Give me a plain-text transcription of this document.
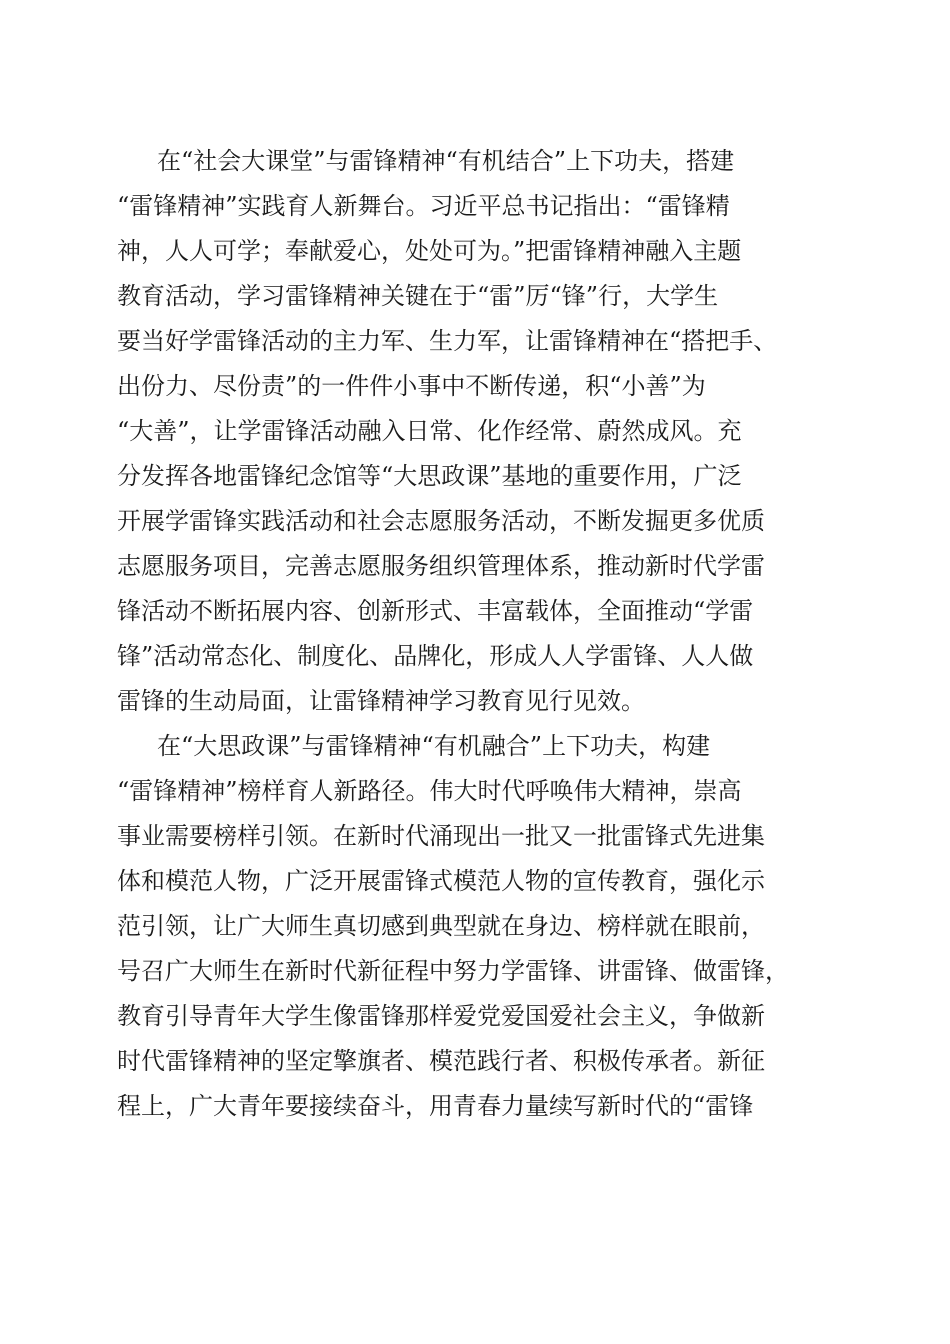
在“社会大课堂”与雷锋精神“有机结合”上下功夫，搭建
“雷锋精神”实践育人新舞台。习近平总书记指出：“雷锋精
神，人人可学；奉献爱心，处处可为。”把雷锋精神融入主题
教育活动，学习雷锋精神关键在于“雷”厉“锋”行，大学生
要当好学雷锋活动的主力军、生力军，让雷锋精神在“搭把手、
出份力、尽份责”的一件件小事中不断传递，积“小善”为
“大善”，让学雷锋活动融入日常、化作经常、蔚然成风。充
分发挥各地雷锋纪念馆等“大思政课”基地的重要作用，广泛
开展学雷锋实践活动和社会志愿服务活动，不断发掘更多优质
志愿服务项目，完善志愿服务组织管理体系，推动新时代学雷
锋活动不断拓展内容、创新形式、丰富载体，全面推动“学雷
锋”活动常态化、制度化、品牌化，形成人人学雷锋、人人做
雷锋的生动局面，让雷锋精神学习教育见行见效。
在“大思政课”与雷锋精神“有机融合”上下功夫，构建
“雷锋精神”榜样育人新路径。伟大时代呼唤伟大精神，崇高
事业需要榜样引领。在新时代涌现出一批又一批雷锋式先进集
体和模范人物，广泛开展雷锋式模范人物的宣传教育，强化示
范引领，让广大师生真切感到典型就在身边、榜样就在眼前，
号召广大师生在新时代新征程中努力学雷锋、讲雷锋、做雷锋，
教育引导青年大学生像雷锋那样爱党爱国爱社会主义，争做新
时代雷锋精神的坚定擎旗者、模范践行者、积极传承者。新征
程上，广大青年要接续奋斗，用青春力量续写新时代的“雷锋
